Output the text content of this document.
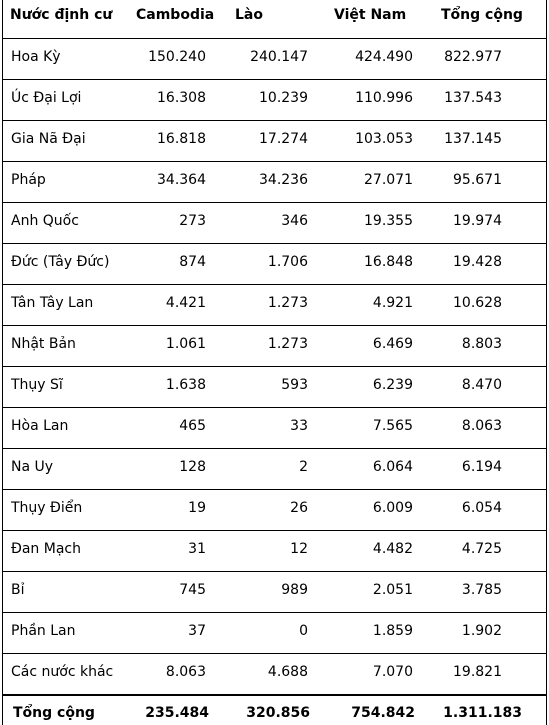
Nước định cư	Cambodia	Lào	Việt Nam	Tổng cộng
Hoa Kỳ	150.240	240.147	424.490	822.977
Úc Đại Lợi	16.308	10.239	110.996	137.543
Gia Nã Đại	16.818	17.274	103.053	137.145
Pháp	34.364	34.236	27.071	95.671
Anh Quốc	273	346	19.355	19.974
Đức (Tây Đức)	874	1.706	16.848	19.428
Tân Tây Lan	4.421	1.273	4.921	10.628
Nhật Bản	1.061	1.273	6.469	8.803
Thụy Sĩ	1.638	593	6.239	8.470
Hòa Lan	465	33	7.565	8.063
Na Uy	128	2	6.064	6.194
Thụy Điển	19	26	6.009	6.054
Đan Mạch	31	12	4.482	4.725
Bỉ	745	989	2.051	3.785
Phần Lan	37	0	1.859	1.902
Các nước khác	8.063	4.688	7.070	19.821
Tổng cộng	235.484	320.856	754.842	1.311.183
